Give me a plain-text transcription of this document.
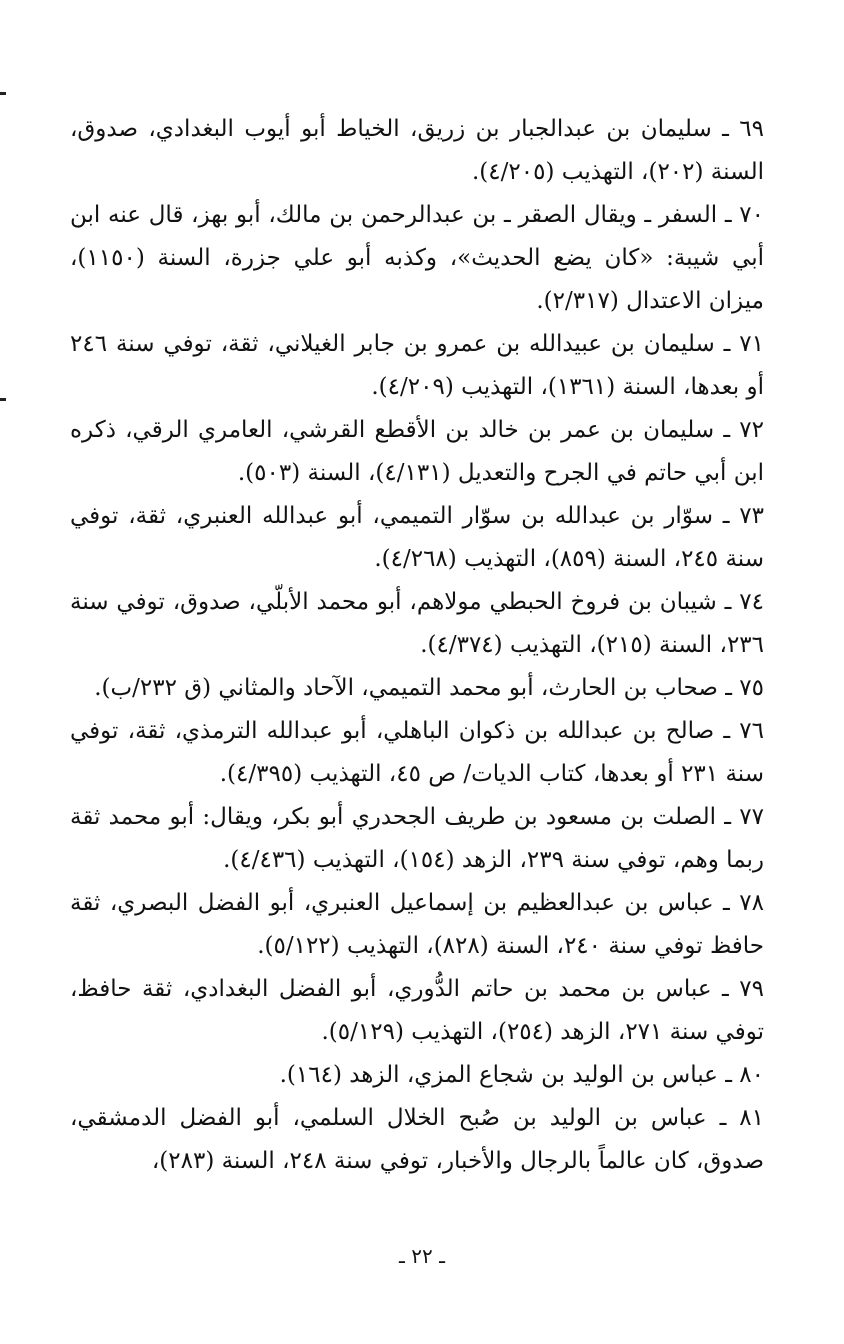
٦٩ ـ سليمان بن عبدالجبار بن زريق، الخياط أبو أيوب البغدادي، صدوق، السنة (٢٠٢)، التهذيب (٤/٢٠٥).

٧٠ ـ السفر ـ ويقال الصقر ـ بن عبدالرحمن بن مالك، أبو بهز، قال عنه ابن أبي شيبة: «كان يضع الحديث»، وكذبه أبو علي جزرة، السنة (١١٥٠)، ميزان الاعتدال (٢/٣١٧).

٧١ ـ سليمان بن عبيدالله بن عمرو بن جابر الغيلاني، ثقة، توفي سنة ٢٤٦ أو بعدها، السنة (١٣٦١)، التهذيب (٤/٢٠٩).

٧٢ ـ سليمان بن عمر بن خالد بن الأقطع القرشي، العامري الرقي، ذكره ابن أبي حاتم في الجرح والتعديل (٤/١٣١)، السنة (٥٠٣).

٧٣ ـ سوّار بن عبدالله بن سوّار التميمي، أبو عبدالله العنبري، ثقة، توفي سنة ٢٤٥، السنة (٨٥٩)، التهذيب (٤/٢٦٨).

٧٤ ـ شيبان بن فروخ الحبطي مولاهم، أبو محمد الأبلّي، صدوق، توفي سنة ٢٣٦، السنة (٢١٥)، التهذيب (٤/٣٧٤).

٧٥ ـ صحاب بن الحارث، أبو محمد التميمي، الآحاد والمثاني (ق ٢٣٢/ب).

٧٦ ـ صالح بن عبدالله بن ذكوان الباهلي، أبو عبدالله الترمذي، ثقة، توفي سنة ٢٣١ أو بعدها، كتاب الديات/ ص ٤٥، التهذيب (٤/٣٩٥).

٧٧ ـ الصلت بن مسعود بن طريف الجحدري أبو بكر، ويقال: أبو محمد ثقة ربما وهم، توفي سنة ٢٣٩، الزهد (١٥٤)، التهذيب (٤/٤٣٦).

٧٨ ـ عباس بن عبدالعظيم بن إسماعيل العنبري، أبو الفضل البصري، ثقة حافظ توفي سنة ٢٤٠، السنة (٨٢٨)، التهذيب (٥/١٢٢).

٧٩ ـ عباس بن محمد بن حاتم الدُّوري، أبو الفضل البغدادي، ثقة حافظ، توفي سنة ٢٧١، الزهد (٢٥٤)، التهذيب (٥/١٢٩).

٨٠ ـ عباس بن الوليد بن شجاع المزي، الزهد (١٦٤).

٨١ ـ عباس بن الوليد بن صُبح الخلال السلمي، أبو الفضل الدمشقي، صدوق، كان عالماً بالرجال والأخبار، توفي سنة ٢٤٨، السنة (٢٨٣)،

ـ ٢٢ ـ
